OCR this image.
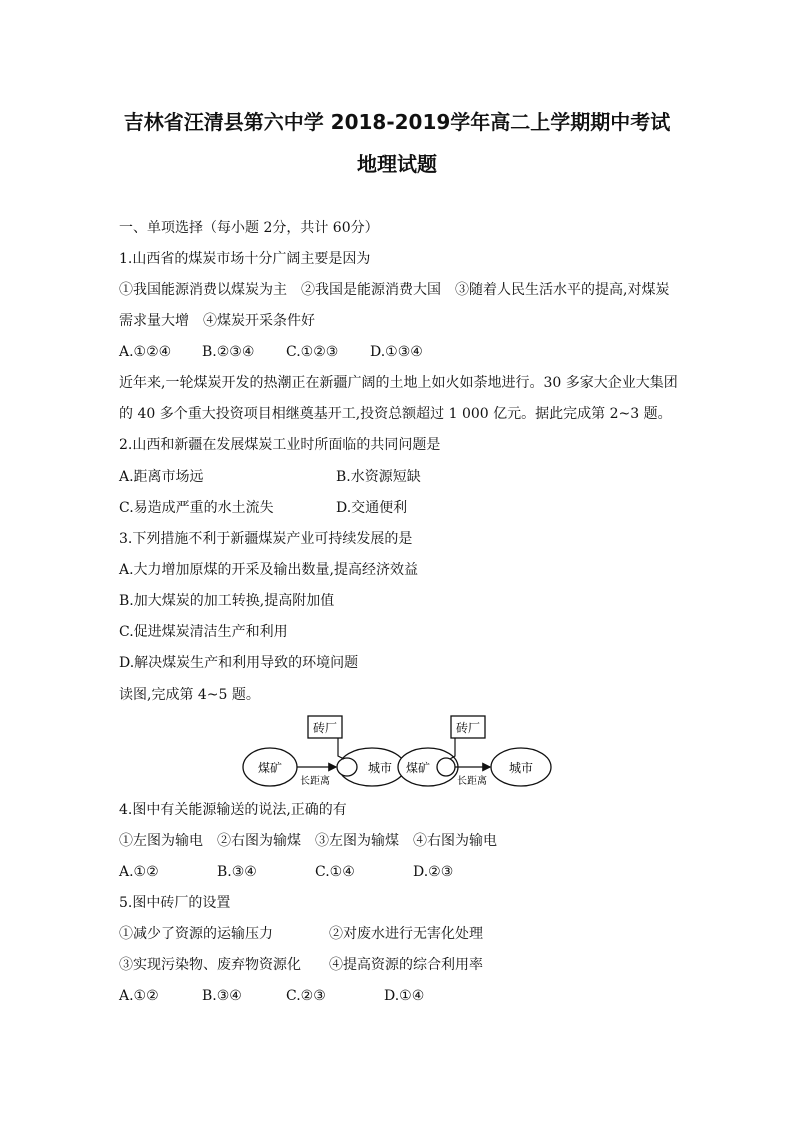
吉林省汪清县第六中学 2018-2019学年高二上学期期中考试
地理试题
一、单项选择（每小题 2分，共计 60分）
1.山西省的煤炭市场十分广阔主要是因为
①我国能源消费以煤炭为主　②我国是能源消费大国　③随着人民生活水平的提高,对煤炭
需求量大增　④煤炭开采条件好
A.①②④ B.②③④ C.①②③ D.①③④
近年来,一轮煤炭开发的热潮正在新疆广阔的土地上如火如荼地进行。30 多家大企业大集团
的 40 多个重大投资项目相继奠基开工,投资总额超过 1 000 亿元。据此完成第 2~3 题。
2.山西和新疆在发展煤炭工业时所面临的共同问题是
A.距离市场远	B.水资源短缺
C.易造成严重的水土流失	D.交通便利
3.下列措施不利于新疆煤炭产业可持续发展的是
A.大力增加原煤的开采及输出数量,提高经济效益
B.加大煤炭的加工转换,提高附加值
C.促进煤炭清洁生产和利用
D.解决煤炭生产和利用导致的环境问题
读图,完成第 4~5 题。
煤矿	城市
长距离
砖厂
煤矿	城市
长距离
砖厂
4.图中有关能源输送的说法,正确的有
①左图为输电　②右图为输煤　③左图为输煤　④右图为输电
A.①②	B.③④	C.①④	D.②③
5.图中砖厂的设置
①减少了资源的运输压力	②对废水进行无害化处理
③实现污染物、废弃物资源化 ④提高资源的综合利用率
A.①②	B.③④	C.②③	D.①④
